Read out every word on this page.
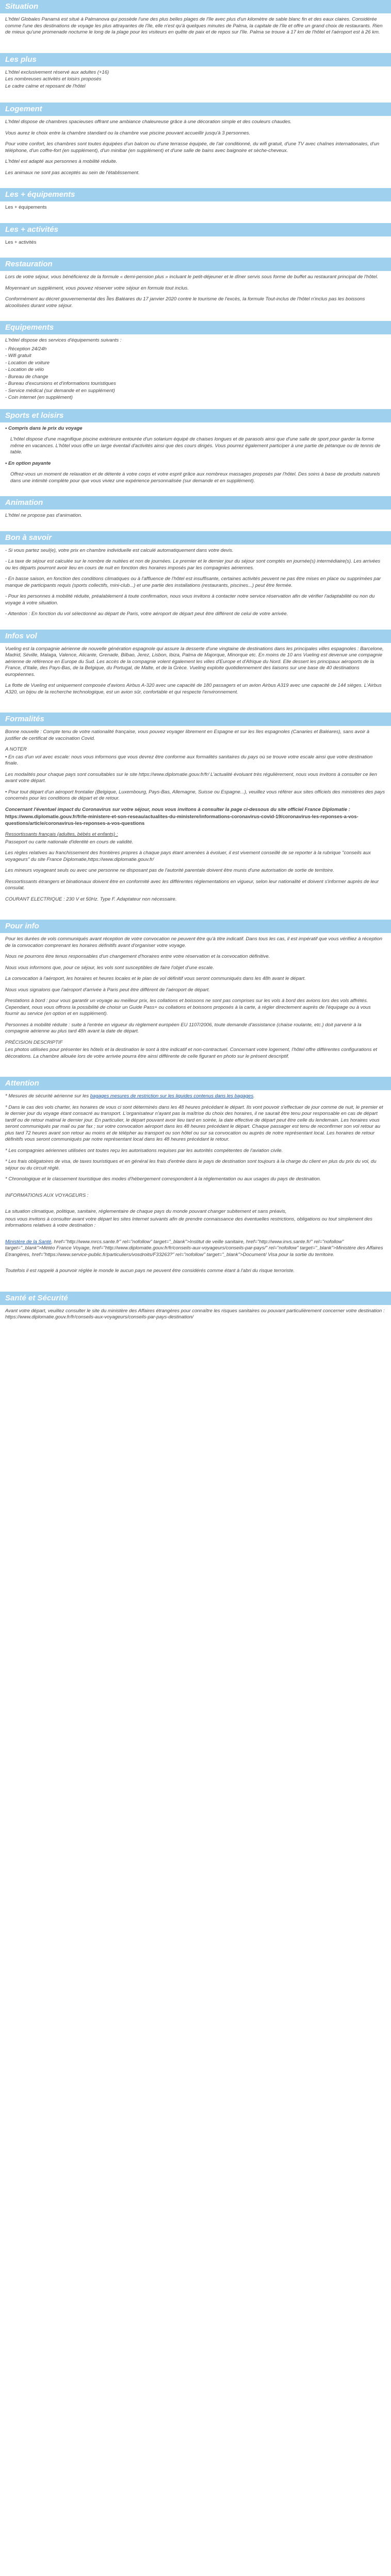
Situation

L'hôtel Globales Panamá est situé à Palmanova qui possède l'une des plus belles plages de l'île avec plus d'un kilomètre de sable blanc fin et des eaux claires. Considérée comme l'une des destinations de voyage les plus attrayantes de l'île, elle n'est qu'à quelques minutes de Palma, la capitale de l'île et offre un grand choix de restaurants. Rien de mieux qu'une promenade nocturne le long de la plage pour les visiteurs en quête de paix et de repos sur l'île. Palma se trouve à 17 km de l'hôtel et l'aéroport est à 26 km.

Les plus
L'hôtel exclusivement réservé aux adultes (+16)
Les nombreuses activités et loisirs proposés
Le cadre calme et reposant de l'hôtel
Logement

L'hôtel dispose de chambres spacieuses offrant une ambiance chaleureuse grâce à une décoration simple et des couleurs chaudes.

Vous aurez le choix entre la chambre standard ou la chambre vue piscine pouvant accueillir jusqu'à 3 personnes.

Pour votre confort, les chambres sont toutes équipées d'un balcon ou d'une terrasse équipée, de l'air conditionné, du wifi gratuit, d'une TV avec chaînes internationales, d'un téléphone, d'un coffre-fort (en supplément), d'un minibar (en supplément) et d'une salle de bains avec baignoire et sèche-cheveux.

L'hôtel est adapté aux personnes à mobilité réduite.

Les animaux ne sont pas acceptés au sein de l'établissement.

Les + équipements

Les + équipements

Les + activités

Les + activités

Restauration

Lors de votre séjour, vous bénéficierez de la formule « demi-pension plus » incluant le petit-déjeuner et le dîner servis sous forme de buffet au restaurant principal de l'hôtel.

Moyennant un supplément, vous pouvez réserver votre séjour en formule tout inclus.

Conformément au décret gouvernemental des Îles Baléares du 17 janvier 2020 contre le tourisme de l'excès, la formule Tout-inclus de l'hôtel n'inclus pas les boissons alcoolisées durant votre séjour.

Equipements
L'hôtel dispose des services d'équipements suivants :
- Réception 24/24h
- Wifi gratuit
- Location de voiture
- Location de vélo
- Bureau de change
- Bureau d'excursions et d'informations touristiques
- Service médical (sur demande et en supplément)
- Coin internet (en supplément)
Sports et loisirs

• Compris dans le prix du voyage

L'hôtel dispose d'une magnifique piscine extérieure entourée d'un solarium équipé de chaises longues et de parasols ainsi que d'une salle de sport pour garder la forme même en vacances. L'hôtel vous offre un large éventail d'activités ainsi que des cours dirigés. Vous pourrez également participer à une partie de pétanque ou de tennis de table.

• En option payante

Offrez-vous un moment de relaxation et de détente à votre corps et votre esprit grâce aux nombreux massages proposés par l'hôtel. Des soins à base de produits naturels dans une intimité complète pour que vous viviez une expérience personnalisée (sur demande et en supplément).

Animation

L'hôtel ne propose pas d'animation.

Bon à savoir

- Si vous partez seul(e), votre prix en chambre individuelle est calculé automatiquement dans votre devis.

- La taxe de séjour est calculée sur le nombre de nuitées et non de journées. Le premier et le dernier jour du séjour sont comptés en journée(s) intermédiaire(s). Les arrivées ou les départs pourront avoir lieu en cours de nuit en fonction des horaires imposés par les compagnies aériennes.

- En basse saison, en fonction des conditions climatiques ou à l'affluence de l'hôtel est insuffisante, certaines activités peuvent ne pas être mises en place ou supprimées par manque de participants requis (sports collectifs, mini-club...) et une partie des installations (restaurants, piscines...) peut être fermée.

- Pour les personnes à mobilité réduite, préalablement à toute confirmation, nous vous invitons à contacter notre service réservation afin de vérifier l'adaptabilité ou non du voyage à votre situation.

- Attention : En fonction du vol sélectionné au départ de Paris, votre aéroport de départ peut être différent de celui de votre arrivée.

Infos vol

Vueling est la compagnie aérienne de nouvelle génération espagnole qui assure la desserte d'une vingtaine de destinations dans les principales villes espagnoles : Barcelone, Madrid, Séville, Malaga, Valence, Alicante, Grenade, Bilbao, Jerez, Lisbon, Ibiza, Palma de Majorque, Minorque etc. En moins de 10 ans Vueling est devenue une compagnie aérienne de référence en Europe du Sud. Les accès de la compagnie volent également les villes d'Europe et d'Afrique du Nord. Elle dessert les principaux aéroports de la France, d'Italie, des Pays-Bas, de la Belgique, du Portugal, de Malte, et de la Grèce. Vueling exploite quotidiennement des liaisons sur une base de 40 destinations européennes.

La flotte de Vueling est uniquement composée d'avions Airbus A-320 avec une capacité de 180 passagers et un avion Airbus A319 avec une capacité de 144 sièges. L'Airbus A320, un bijou de la recherche technologique, est un avion sûr, confortable et qui respecte l'environnement.

Formalités

Bonne nouvelle : Compte tenu de votre nationalité française, vous pouvez voyager librement en Espagne et sur les îles espagnoles (Canaries et Baléares), sans avoir à justifier de certificat de vaccination Covid.

A NOTER

• En cas d'un vol avec escale: nous vous informons que vous devrez être conforme aux formalités sanitaires du pays où se trouve votre escale ainsi que votre destination finale.

Les modalités pour chaque pays sont consultables sur le site https://www.diplomatie.gouv.fr/fr/ L'actualité évoluant très régulièrement, nous vous invitons à consulter ce lien avant votre départ.

• Pour tout départ d'un aéroport frontalier (Belgique, Luxembourg, Pays-Bas, Allemagne, Suisse ou Espagne...), veuillez vous référer aux sites officiels des ministères des pays concernés pour les conditions de départ et de retour.

Concernant l'éventuel impact du Coronavirus sur votre séjour, nous vous invitons à consulter la page ci-dessous du site officiel France Diplomatie :

https://www.diplomatie.gouv.fr/fr/le-ministere-et-son-reseau/actualites-du-ministere/informations-coronavirus-covid-19/coronavirus-les-reponses-a-vos-questions/article/coronavirus-les-reponses-a-vos-questions

Ressortissants français (adultes, bébés et enfants) :

Passeport ou carte nationale d'identité en cours de validité.

Les règles relatives au franchissement des frontières propres à chaque pays étant amenées à évoluer, il est vivement conseillé de se reporter à la rubrique "conseils aux voyageurs" du site France Diplomatie,https://www.diplomatie.gouv.fr/

Les mineurs voyageant seuls ou avec une personne ne disposant pas de l'autorité parentale doivent être munis d'une autorisation de sortie de territoire.

Ressortissants étrangers et binationaux doivent être en conformité avec les différentes réglementations en vigueur, selon leur nationalité et doivent s'informer auprès de leur consulat.

COURANT ELECTRIQUE : 230 V et 50Hz. Type F. Adaptateur non nécessaire.

Pour info

Pour les durées de vols communiqués avant réception de votre convocation ne peuvent être qu'à titre indicatif. Dans tous les cas, il est impératif que vous vérifiiez à réception de la convocation comprenant les horaires définitifs avant d'organiser votre voyage.

Nous ne pourrons être tenus responsables d'un changement d'horaires entre votre réservation et la convocation définitive.

Nous vous informons que, pour ce séjour, les vols sont susceptibles de faire l'objet d'une escale.

La convocation à l'aéroport, les horaires et heures locales et le plan de vol définitif vous seront communiqués dans les 48h avant le départ.

Nous vous signalons que l'aéroport d'arrivée à Paris peut être différent de l'aéroport de départ.

Prestations à bord : pour vous garantir un voyage au meilleur prix, les collations et boissons ne sont pas comprises sur les vols à bord des avions lors des vols affrétés. Cependant, nous vous offrons la possibilité de choisir un Guide Pass+ ou collations et boissons proposés à la carte, à régler directement auprès de l'équipage ou à vous fournir au service (en option et en supplément).

Personnes à mobilité réduite : suite à l'entrée en vigueur du règlement européen EU 1107/2006, toute demande d'assistance (chaise roulante, etc.) doit parvenir à la compagnie aérienne au plus tard 48h avant la date de départ.

PRÉCISION DESCRIPTIF

Les photos utilisées pour présenter les hôtels et la destination le sont à titre indicatif et non-contractuel. Concernant votre logement, l'hôtel offre différentes configurations et décorations. La chambre allouée lors de votre arrivée pourra être ainsi différente de celle figurant en photo sur le présent descriptif.

Attention

* Mesures de sécurité aérienne sur les bagages mesures de restriction sur les liquides contenus dans les bagages.

* Dans le cas des vols charter, les horaires de vous ci sont déterminés dans les 48 heures précédant le départ. Ils vont pouvoir s'effectuer de jour comme de nuit, le premier et le dernier jour du voyage étant consacré au transport. L'organisateur n'ayant pas la maîtrise du choix des horaires, il ne saurait être tenu pour responsable en cas de départ tardif ou de retour matinal le dernier jour. En particulier, le départ pouvant avoir lieu tard en soirée, la date effective de départ peut être celle du lendemain. Les horaires vous seront communiqués par mail ou par fax ; sur votre convocation aéroport dans les 48 heures précédant le départ. Chaque passager est tenu de reconfirmer son vol retour au plus tard 72 heures avant son retour au moins et de télépher au transport ou son hôtel ou sur sa convocation ou auprès de notre représentant local. Les horaires de retour définitifs vous seront communiqués par notre représentant local dans les 48 heures précédant le retour.

* Les compagnies aériennes utilisées ont toutes reçu les autorisations requises par les autorités compétentes de l'aviation civile.

* Les frais obligatoires de visa, de taxes touristiques et en général les frais d'entrée dans le pays de destination sont toujours à la charge du client en plus du prix du vol, du séjour ou du circuit réglé.

* Chronologique et le classement touristique des modes d'hébergement correspondent à la réglementation ou aux usages du pays de destination.

INFORMATIONS AUX VOYAGEURS :

La situation climatique, politique, sanitaire, réglementaire de chaque pays du monde pouvant changer subitement et sans préavis,

nous vous invitons à consulter avant votre départ les sites Internet suivants afin de prendre connaissance des éventuelles restrictions, obligations ou tout simplement des informations relatives à votre destination :

Ministère de la Santé, href="http://www.mrcs.sante.fr" rel="nofollow" target="_blank">Institut de veille sanitaire, href="http://www.invs.sante.fr/" rel="nofollow" target="_blank">Météo France Voyage, href="http://www.diplomatie.gouv.fr/fr/conseils-aux-voyageurs/conseils-par-pays/" rel="nofollow" target="_blank">Ministère des Affaires Etrangères, href="https://www.service-public.fr/particuliers/vosdroits/F33263?" rel="nofollow" target="_blank">Document/ Visa pour la sortie du territoire.

Toutefois il est rappelé à pourvoir réglée le monde le aucun pays ne peuvent être considérés comme étant à l'abri du risque terroriste.

Santé et Sécurité

Avant votre départ, veuillez consulter le site du ministère des Affaires étrangères pour connaître les risques sanitaires ou pouvant particulièrement concerner votre destination : https://www.diplomatie.gouv.fr/fr/conseils-aux-voyageurs/conseils-par-pays-destination/
